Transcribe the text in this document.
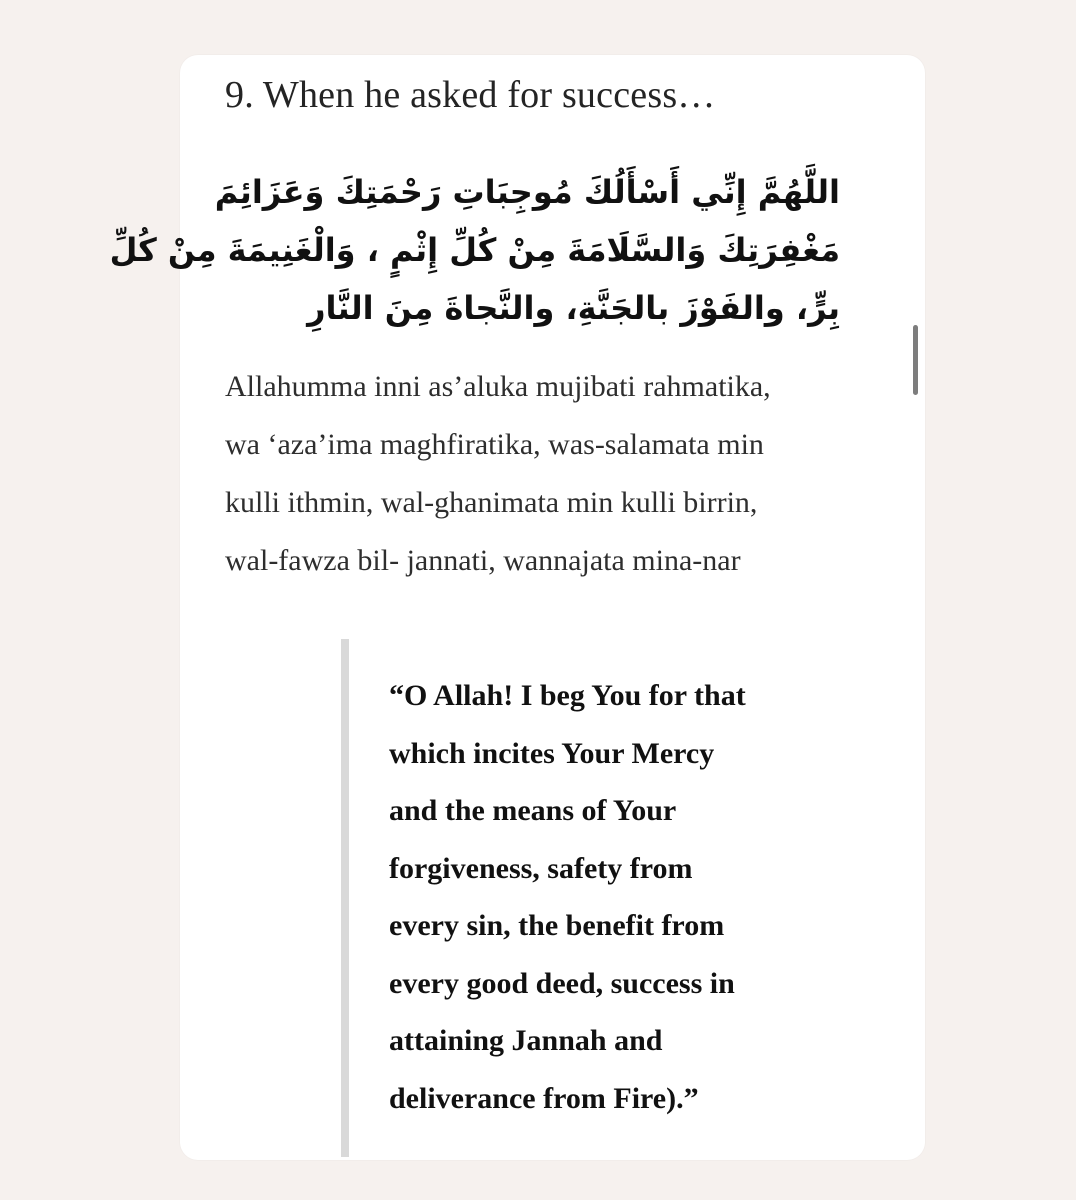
9. When he asked for success…
اللَّهُمَّ إِنِّي أَسْأَلُكَ مُوجِبَاتِ رَحْمَتِكَ وَعَزَائِمَ
مَغْفِرَتِكَ وَالسَّلَامَةَ مِنْ كُلِّ إِثْمٍ ، وَالْغَنِيمَةَ مِنْ كُلِّ
بِرٍّ، والفَوْزَ بالجَنَّةِ، والنَّجاةَ مِنَ النَّارِ
Allahumma inni as’aluka mujibati rahmatika,
wa ‘aza’ima maghfiratika, was-salamata min
kulli ithmin, wal-ghanimata min kulli birrin,
wal-fawza bil- jannati, wannajata mina-nar
“O Allah! I beg You for that
which incites Your Mercy
and the means of Your
forgiveness, safety from
every sin, the benefit from
every good deed, success in
attaining Jannah and
deliverance from Fire).”
